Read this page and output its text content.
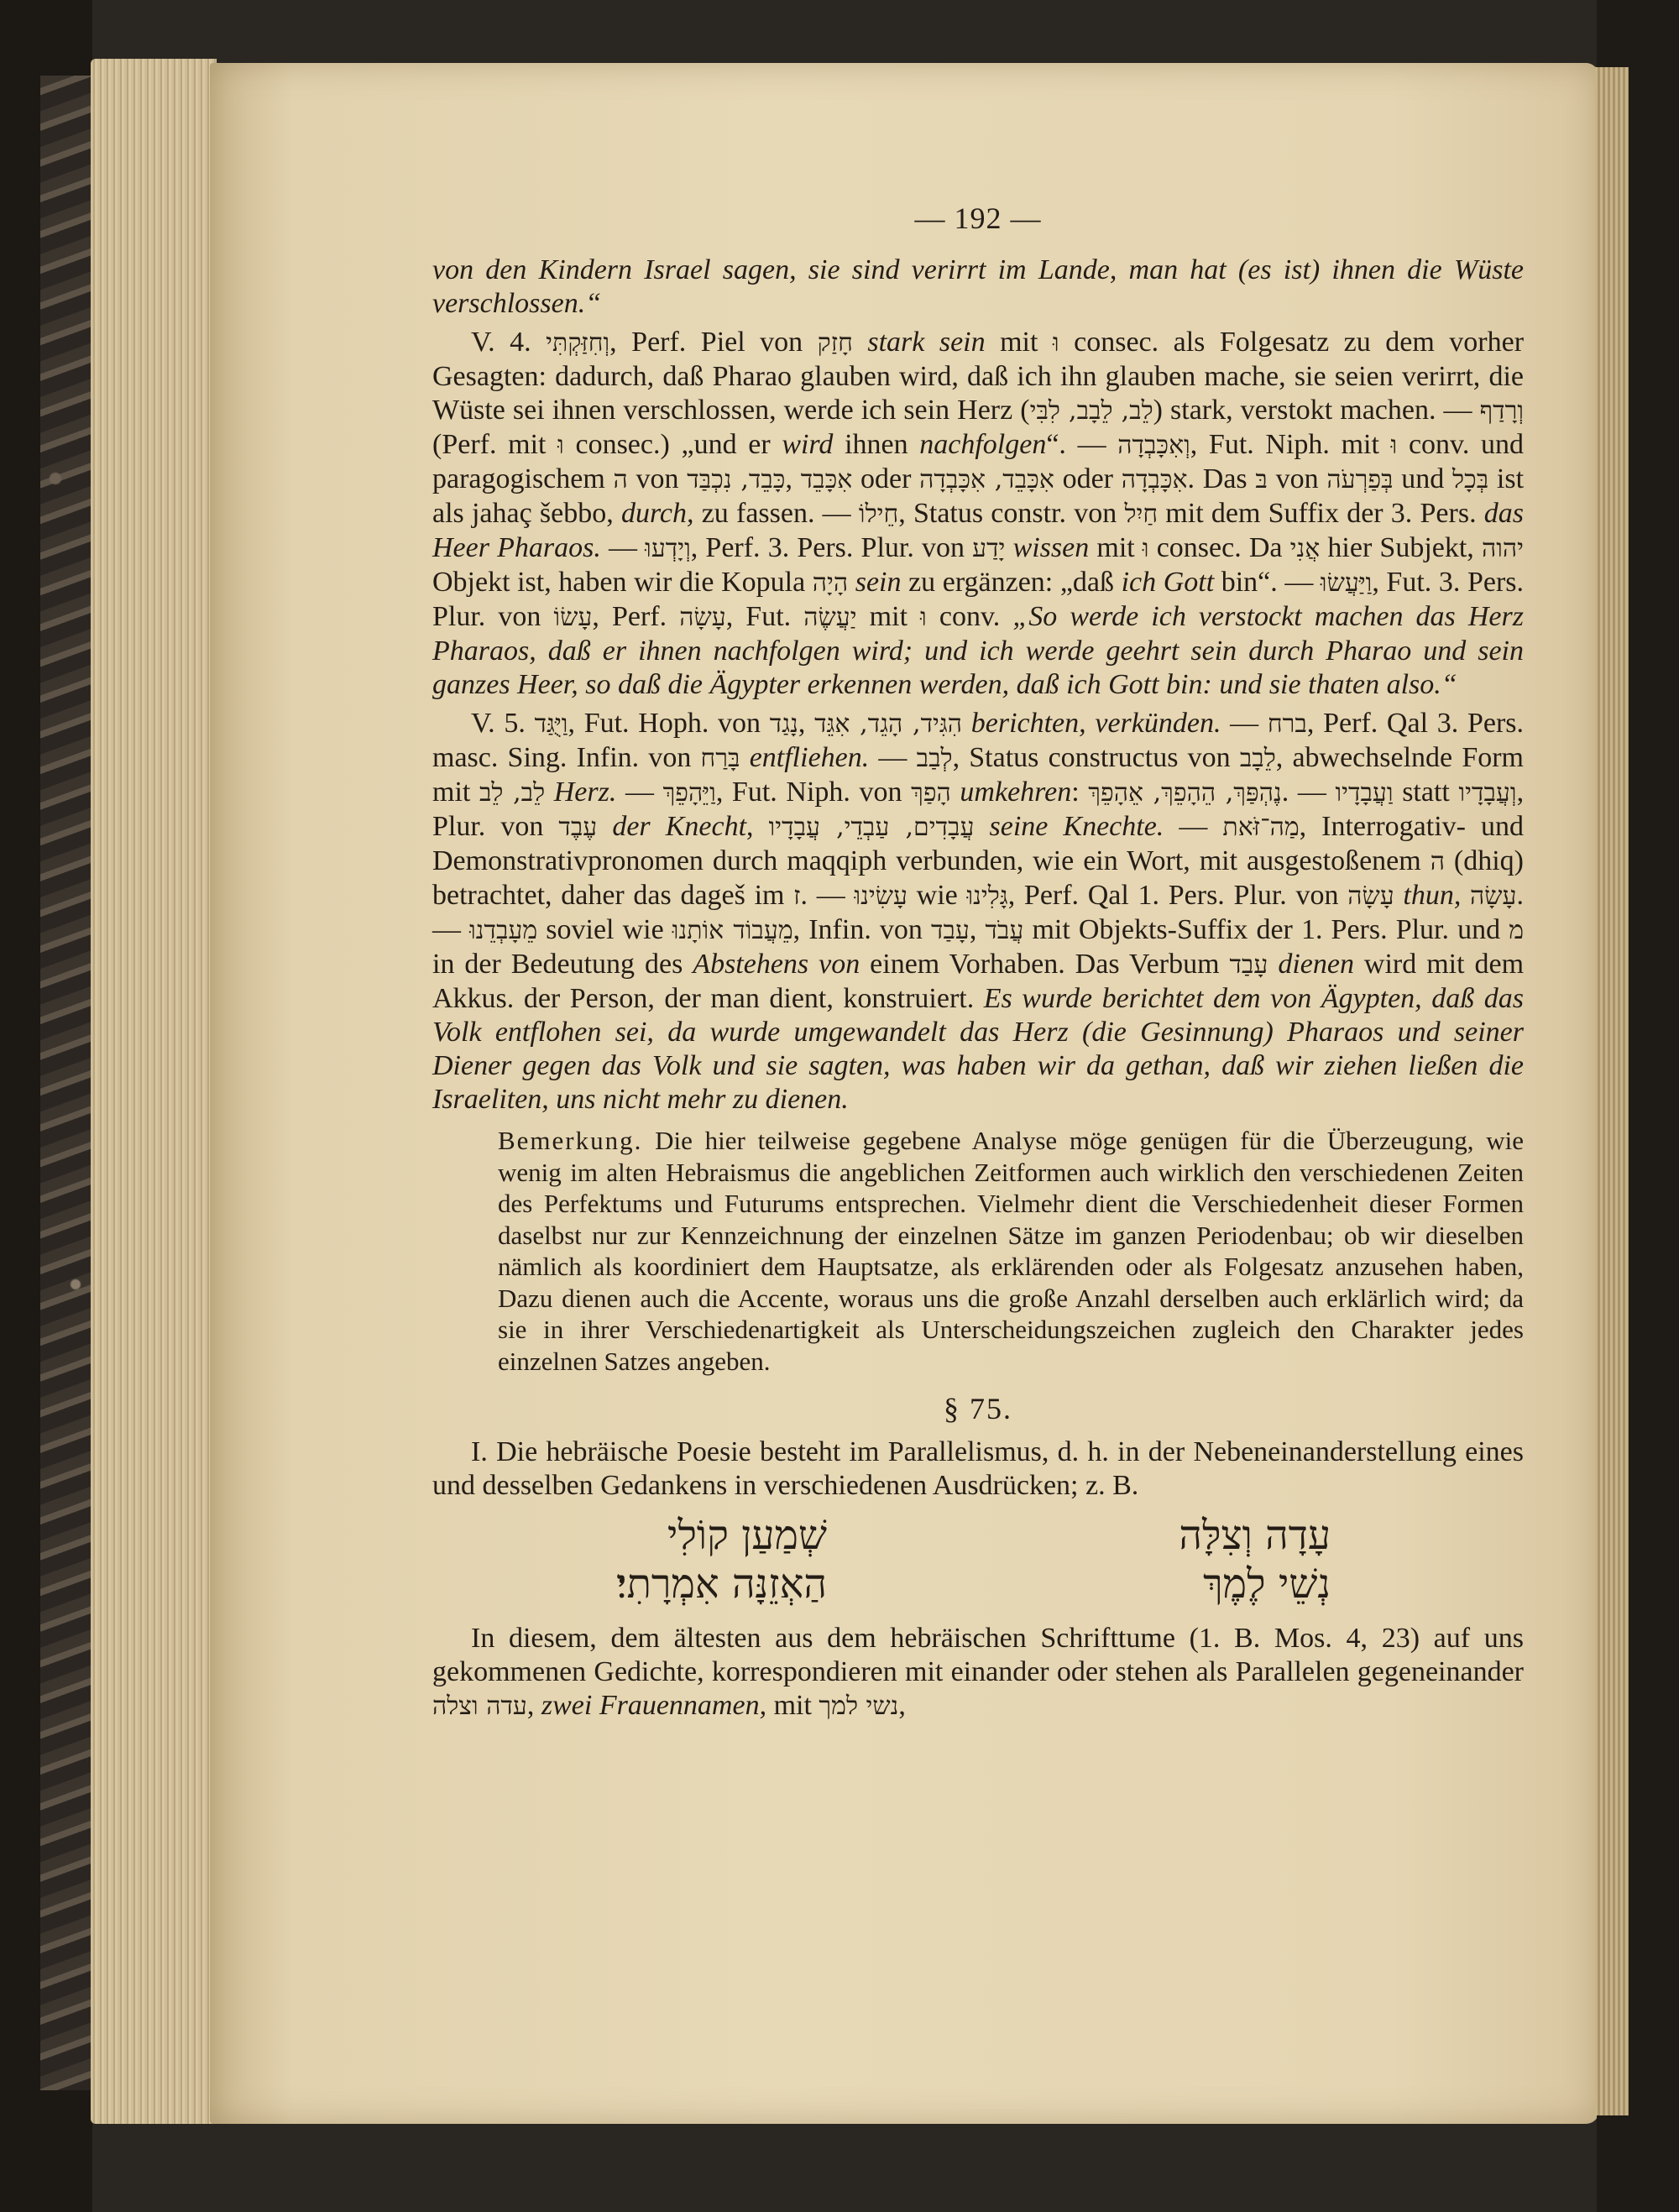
— 192 —

von den Kindern Israel sagen, sie sind verirrt im Lande, man hat (es ist) ihnen die Wüste verschlossen.“

V. 4. וְחִזַּקְתִּי, Perf. Piel von חָזַק stark sein mit וּ consec. als Folgesatz zu dem vorher Gesagten: dadurch, daß Pharao glauben wird, daß ich ihn glauben mache, sie seien verirrt, die Wüste sei ihnen verschlossen, werde ich sein Herz (לֵב, לֵבָב, לִבִּי) stark, verstokt machen. — וְרָדַף (Perf. mit וּ consec.) „und er wird ihnen nachfolgen“. — וְאִכָּבְדָה, Fut. Niph. mit וּ conv. und paragogischem ה von כָּבֵד, נִכְבַּד, אִכָּבֵד oder אִכָּבֵד, אִכָּבְדָה oder אִכָּבְדָה. Das בּ von בְּפַרְעֹה und בְּכָל ist als jahaç šebbo, durch, zu fassen. — חֵילוֹ, Status constr. von חַיִל mit dem Suffix der 3. Pers. das Heer Pharaos. — וְיָדְעוּ, Perf. 3. Pers. Plur. von יָדַע wissen mit וּ consec. Da אֲנִי hier Subjekt, יהוה Objekt ist, haben wir die Kopula הָיָה sein zu ergänzen: „daß ich Gott bin“. — וַיַּעֲשׂוּ, Fut. 3. Pers. Plur. von עָשׂוֹ, Perf. עָשָׂה, Fut. יַעֲשֶׂה mit וּ conv. „So werde ich verstockt machen das Herz Pharaos, daß er ihnen nachfolgen wird; und ich werde geehrt sein durch Pharao und sein ganzes Heer, so daß die Ägypter erkennen werden, daß ich Gott bin: und sie thaten also.“

V. 5. וַיֻּגַּד, Fut. Hoph. von נָגַד, הִגִּיד, הָגֵד, אִגֵּד berichten, verkünden. — ברח, Perf. Qal 3. Pers. masc. Sing. Infin. von בָּרַח entfliehen. — לְבַב, Status constructus von לֵבָב, abwechselnde Form mit לֵב, לֵב Herz. — וַיֵּהָפֵךְ, Fut. Niph. von הָפַךְ umkehren: נֶהְפַּךְ, הֵהָפֵךְ, אֵהָפֵךְ. — וַעֲבָדָיו statt וְעֲבָדָיו, Plur. von עֶבֶד der Knecht, עֲבָדִים, עַבְדֵי, עֲבָדָיו seine Knechte. — מַה־זֹּאת, Interrogativ- und Demonstrativpronomen durch maqqiph verbunden, wie ein Wort, mit ausgestoßenem ה (dhiq) betrachtet, daher das dageš im ז. — עָשִׂינוּ wie גָּלִינוּ, Perf. Qal 1. Pers. Plur. von עָשָׂה thun, עָשָׂה. — מֵעָבְדֵנוּ soviel wie מֵעֲבוֹד אוֹתָנוּ, Infin. von עָבַד, עֲבֹד mit Objekts-Suffix der 1. Pers. Plur. und מ in der Bedeutung des Abstehens von einem Vorhaben. Das Verbum עָבַד dienen wird mit dem Akkus. der Person, der man dient, konstruiert. Es wurde berichtet dem von Ägypten, daß das Volk entflohen sei, da wurde umgewandelt das Herz (die Gesinnung) Pharaos und seiner Diener gegen das Volk und sie sagten, was haben wir da gethan, daß wir ziehen ließen die Israeliten, uns nicht mehr zu dienen.

Bemerkung. Die hier teilweise gegebene Analyse möge genügen für die Überzeugung, wie wenig im alten Hebraismus die angeblichen Zeitformen auch wirklich den verschiedenen Zeiten des Perfektums und Futurums entsprechen. Vielmehr dient die Verschiedenheit dieser Formen daselbst nur zur Kennzeichnung der einzelnen Sätze im ganzen Periodenbau; ob wir dieselben nämlich als koordiniert dem Hauptsatze, als erklärenden oder als Folgesatz anzusehen haben, Dazu dienen auch die Accente, woraus uns die große Anzahl derselben auch erklärlich wird; da sie in ihrer Verschiedenartigkeit als Unterscheidungszeichen zugleich den Charakter jedes einzelnen Satzes angeben.
§ 75.

I. Die hebräische Poesie besteht im Parallelismus, d. h. in der Nebeneinanderstellung eines und desselben Gedankens in verschiedenen Ausdrücken; z. B.

עָדָה וְצִלָּה
נְשֵׁי לֶמֶךְ
שְׁמַעַן קוֹלִי
הַאְזֵנָּה אִמְרָתִי׃

In diesem, dem ältesten aus dem hebräischen Schrifttume (1. B. Mos. 4, 23) auf uns gekommenen Gedichte, korrespondieren mit einander oder stehen als Parallelen gegeneinander עדה וצלה, zwei Frauennamen, mit נשי למך,
